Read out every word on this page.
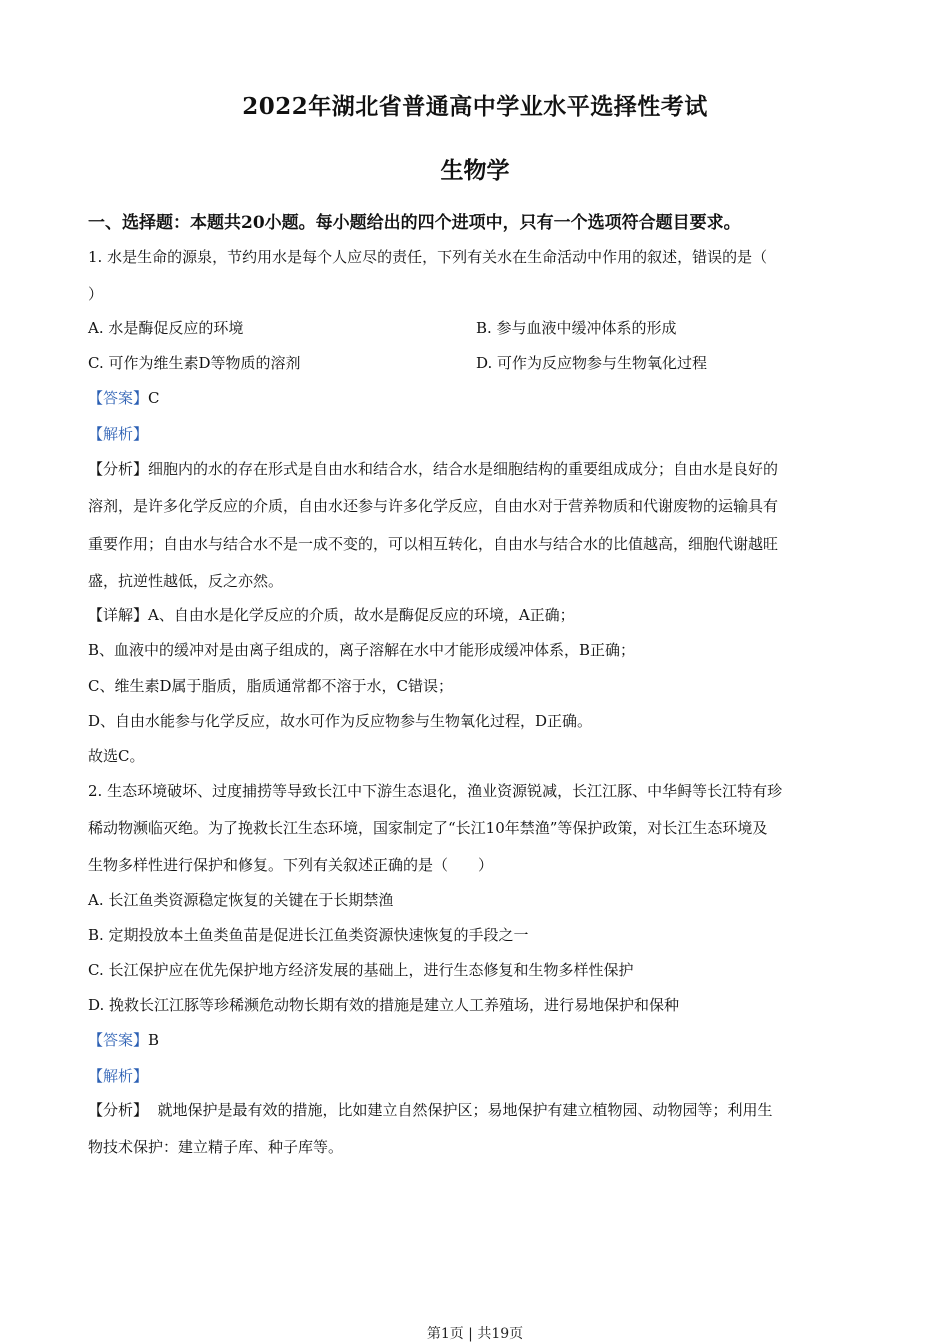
2022年湖北省普通高中学业水平选择性考试
生物学
一、选择题：本题共20小题。每小题给出的四个进项中，只有一个选项符合题目要求。
1. 水是生命的源泉，节约用水是每个人应尽的责任，下列有关水在生命活动中作用的叙述，错误的是（
）
A. 水是酶促反应的环境	B. 参与血液中缓冲体系的形成
C. 可作为维生素D等物质的溶剂	D. 可作为反应物参与生物氧化过程
【答案】C
【解析】
【分析】细胞内的水的存在形式是自由水和结合水，结合水是细胞结构的重要组成成分；自由水是良好的
溶剂，是许多化学反应的介质，自由水还参与许多化学反应，自由水对于营养物质和代谢废物的运输具有
重要作用；自由水与结合水不是一成不变的，可以相互转化，自由水与结合水的比值越高，细胞代谢越旺
盛，抗逆性越低，反之亦然。
【详解】A、自由水是化学反应的介质，故水是酶促反应的环境，A正确；
B、血液中的缓冲对是由离子组成的，离子溶解在水中才能形成缓冲体系，B正确；
C、维生素D属于脂质，脂质通常都不溶于水，C错误；
D、自由水能参与化学反应，故水可作为反应物参与生物氧化过程，D正确。
故选C。
2. 生态环境破坏、过度捕捞等导致长江中下游生态退化，渔业资源锐减，长江江豚、中华鲟等长江特有珍
稀动物濒临灭绝。为了挽救长江生态环境，国家制定了“长江10年禁渔”等保护政策，对长江生态环境及
生物多样性进行保护和修复。下列有关叙述正确的是（　　）
A. 长江鱼类资源稳定恢复的关键在于长期禁渔
B. 定期投放本土鱼类鱼苗是促进长江鱼类资源快速恢复的手段之一
C. 长江保护应在优先保护地方经济发展的基础上，进行生态修复和生物多样性保护
D. 挽救长江江豚等珍稀濒危动物长期有效的措施是建立人工养殖场，进行易地保护和保种
【答案】B
【解析】
【分析】  就地保护是最有效的措施，比如建立自然保护区；易地保护有建立植物园、动物园等；利用生
物技术保护：建立精子库、种子库等。
第1页 | 共19页
